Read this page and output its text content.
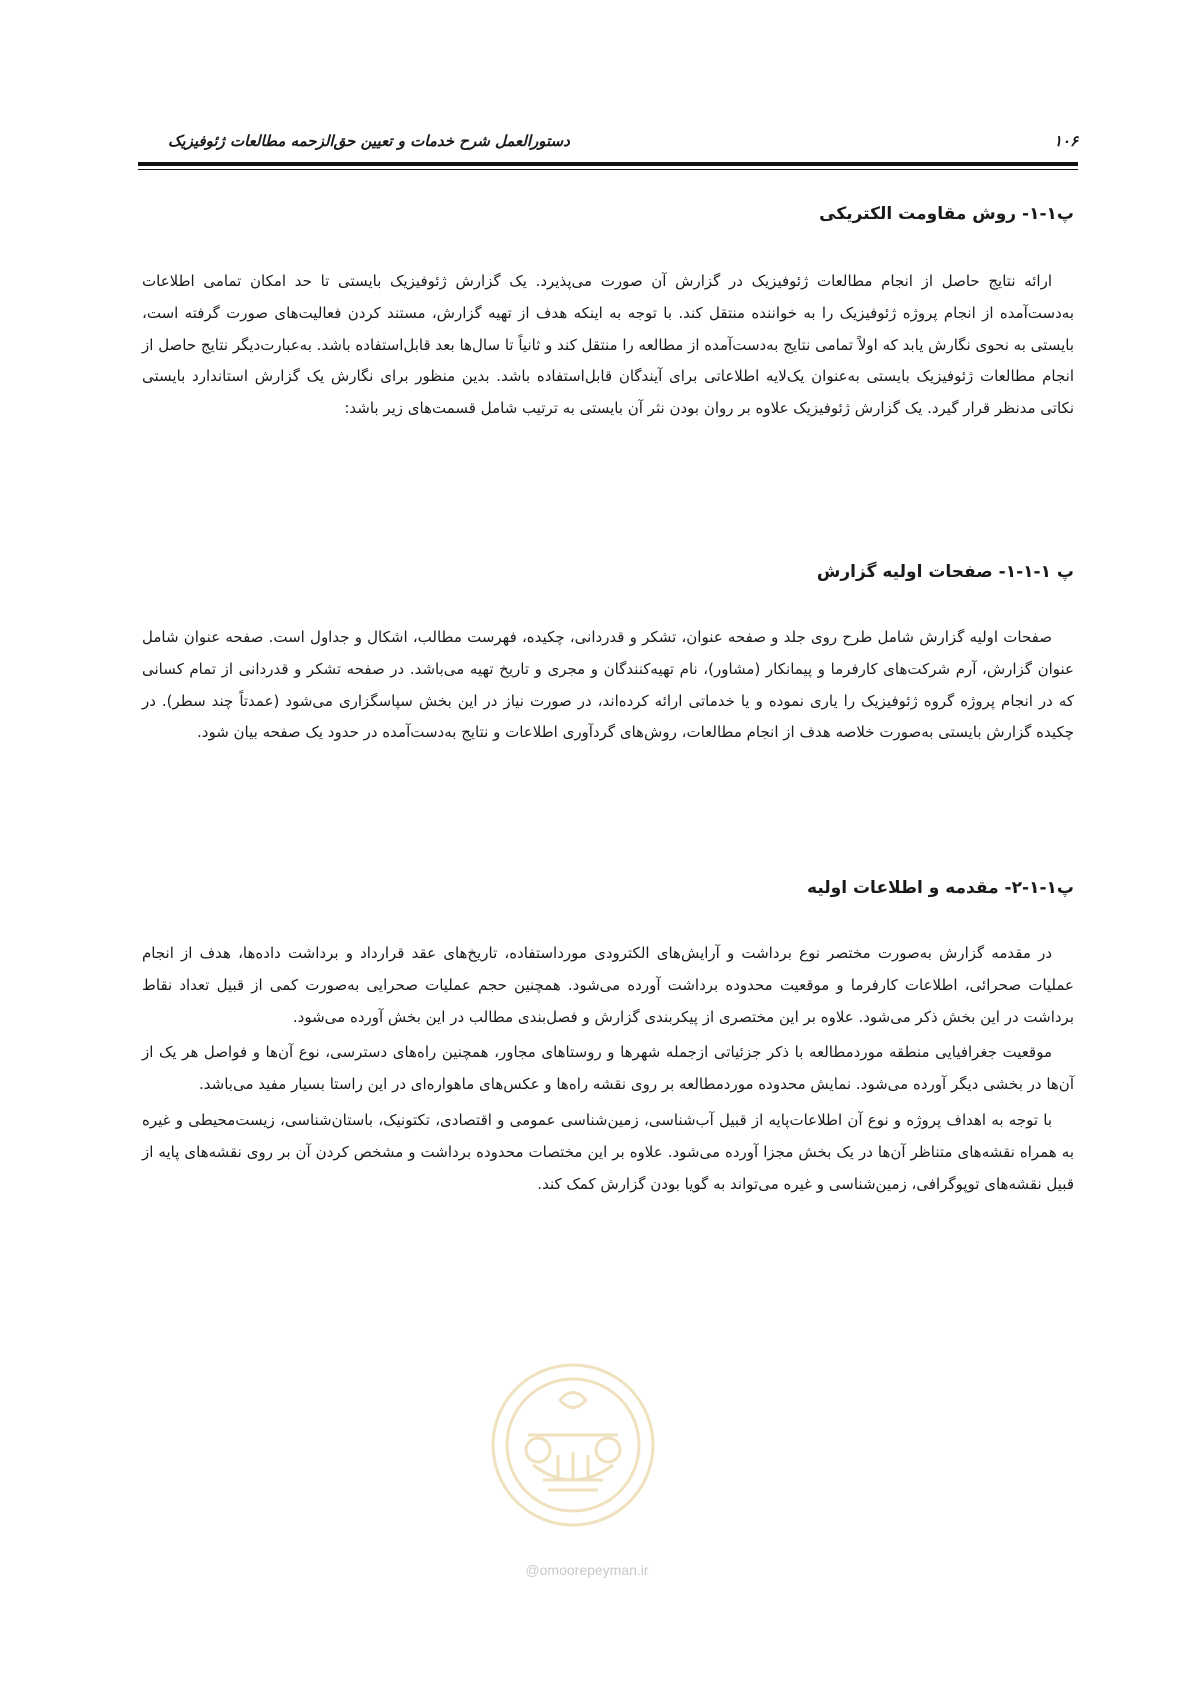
۱۰۶
دستورالعمل شرح خدمات و تعیین حق‌الزحمه مطالعات ژئوفیزیک
پ۱-۱- روش مقاومت الکتریکی

ارائه نتایج حاصل از انجام مطالعات ژئوفیزیک در گزارش آن صورت می‌پذیرد. یک گزارش ژئوفیزیک بایستی تا حد امکان تمامی اطلاعات به‌دست‌آمده از انجام پروژه ژئوفیزیک را به خواننده منتقل کند. با توجه به اینکه هدف از تهیه گزارش، مستند کردن فعالیت‌های صورت گرفته است، بایستی به نحوی نگارش یابد که اولاً تمامی نتایج به‌دست‌آمده از مطالعه را منتقل کند و ثانیاً تا سال‌ها بعد قابل‌استفاده باشد. به‌عبارت‌دیگر نتایج حاصل از انجام مطالعات ژئوفیزیک بایستی به‌عنوان یک‌لایه اطلاعاتی برای آیندگان قابل‌استفاده باشد. بدین منظور برای نگارش یک گزارش استاندارد بایستی نکاتی مدنظر قرار گیرد. یک گزارش ژئوفیزیک علاوه بر روان بودن نثر آن بایستی به ترتیب شامل قسمت‌های زیر باشد:

پ ۱-۱-۱- صفحات اولیه گزارش

صفحات اولیه گزارش شامل طرح روی جلد و صفحه عنوان، تشکر و قدردانی، چکیده، فهرست مطالب، اشکال و جداول است. صفحه عنوان شامل عنوان گزارش، آرم شرکت‌های کارفرما و پیمانکار (مشاور)، نام تهیه‌کنندگان و مجری و تاریخ تهیه می‌باشد. در صفحه تشکر و قدردانی از تمام کسانی که در انجام پروژه گروه ژئوفیزیک را یاری نموده و یا خدماتی ارائه کرده‌اند، در صورت نیاز در این بخش سپاسگزاری می‌شود (عمدتاً چند سطر). در چکیده گزارش بایستی به‌صورت خلاصه هدف از انجام مطالعات، روش‌های گردآوری اطلاعات و نتایج به‌دست‌آمده در حدود یک صفحه بیان شود.

پ۱-۱-۲- مقدمه و اطلاعات اولیه

در مقدمه گزارش به‌صورت مختصر نوع برداشت و آرایش‌های الکترودی مورداستفاده، تاریخ‌های عقد قرارداد و برداشت داده‌ها، هدف از انجام عملیات صحرائی، اطلاعات کارفرما و موقعیت محدوده برداشت آورده می‌شود. همچنین حجم عملیات صحرایی به‌صورت کمی از قبیل تعداد نقاط برداشت در این بخش ذکر می‌شود. علاوه بر این مختصری از پیکربندی گزارش و فصل‌بندی مطالب در این بخش آورده می‌شود.

موقعیت جغرافیایی منطقه موردمطالعه با ذکر جزئیاتی ازجمله شهرها و روستاهای مجاور، همچنین راه‌های دسترسی، نوع آن‌ها و فواصل هر یک از آن‌ها در بخشی دیگر آورده می‌شود. نمایش محدوده موردمطالعه بر روی نقشه راه‌ها و عکس‌های ماهواره‌ای در این راستا بسیار مفید می‌باشد.

با توجه به اهداف پروژه و نوع آن اطلاعات‌پایه از قبیل آب‌شناسی، زمین‌شناسی عمومی و اقتصادی، تکتونیک، باستان‌شناسی، زیست‌محیطی و غیره به همراه نقشه‌های متناظر آن‌ها در یک بخش مجزا آورده می‌شود. علاوه بر این مختصات محدوده برداشت و مشخص کردن آن بر روی نقشه‌های پایه از قبیل نقشه‌های توپوگرافی، زمین‌شناسی و غیره می‌تواند به گویا بودن گزارش کمک کند.

@omoorepeyman.ir
